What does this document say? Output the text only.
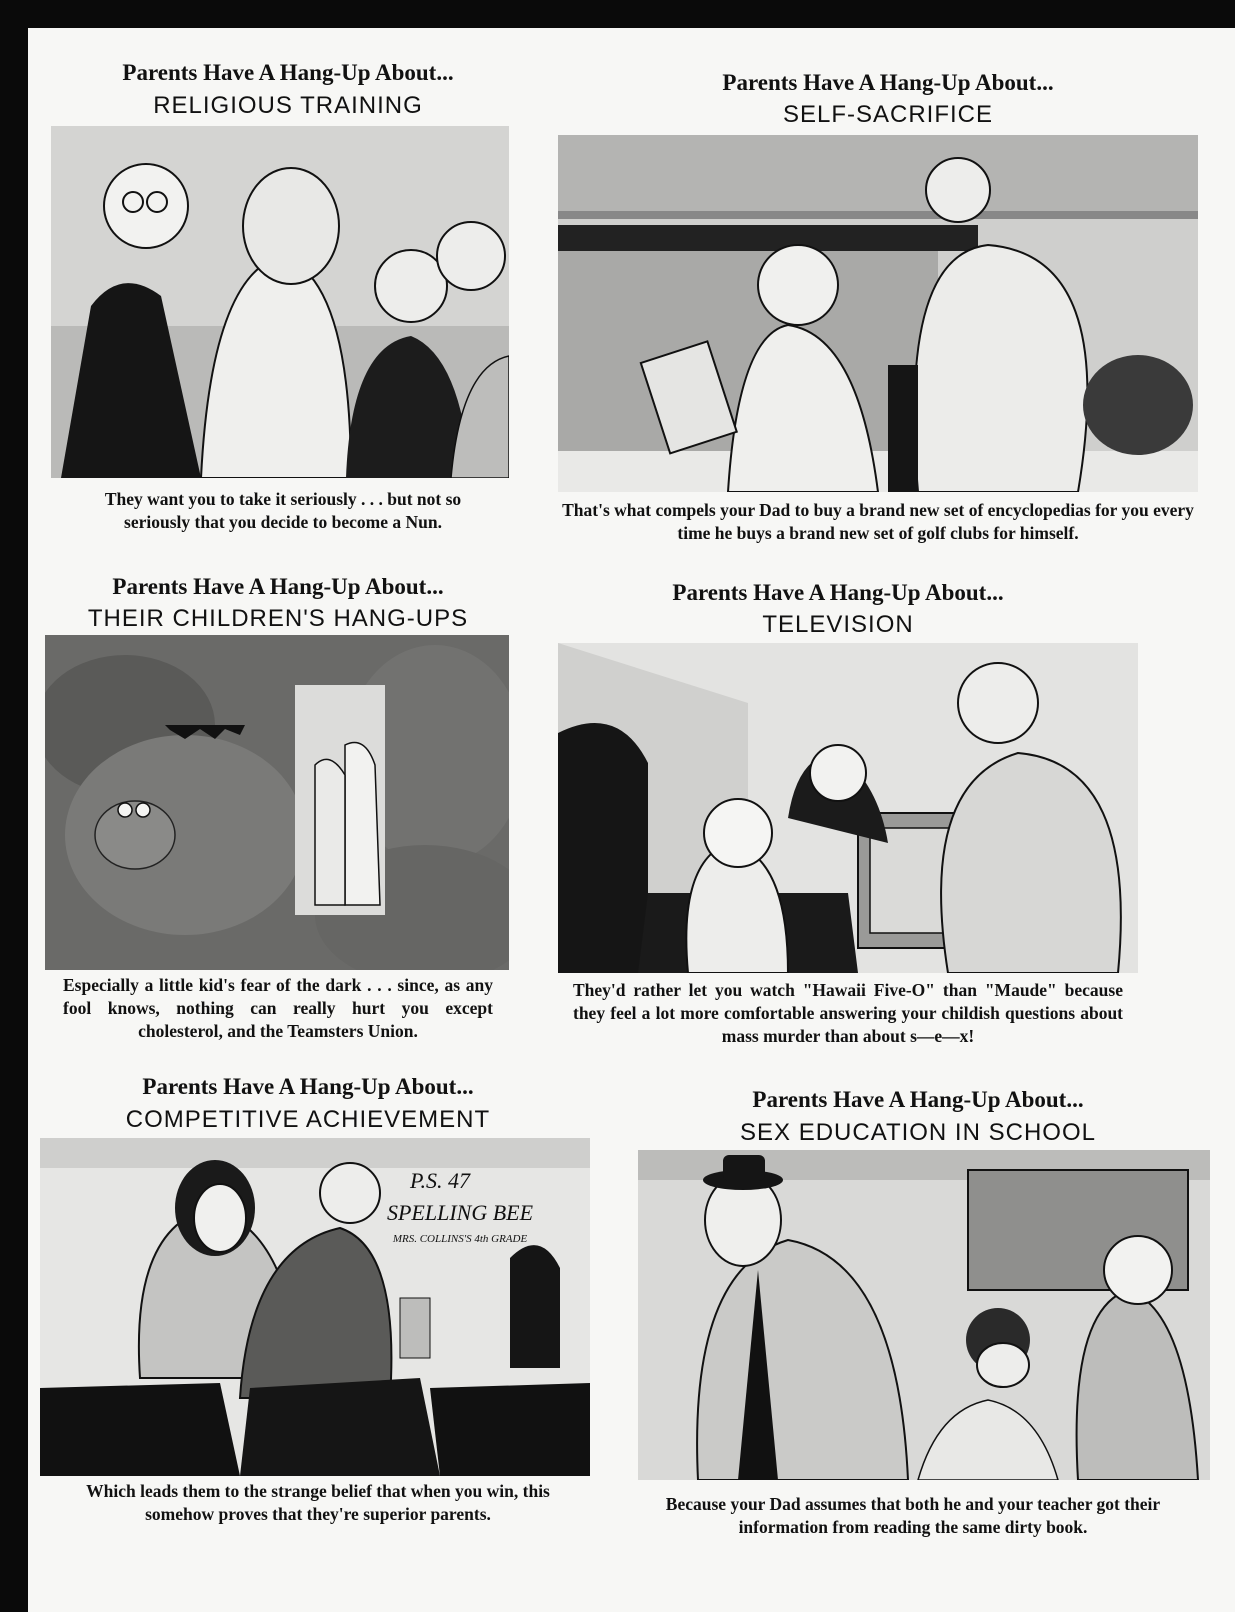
Parents Have A Hang-Up About...
RELIGIOUS TRAINING
They want you to take it seriously . . . but not so seriously that you decide to become a Nun.
Parents Have A Hang-Up About...
SELF-SACRIFICE
That's what compels your Dad to buy a brand new set of encyclopedias for you every time he buys a brand new set of golf clubs for himself.
Parents Have A Hang-Up About...
THEIR CHILDREN'S HANG-UPS
Especially a little kid's fear of the dark . . . since, as any fool knows, nothing can really hurt you except cholesterol, and the Teamsters Union.
Parents Have A Hang-Up About...
TELEVISION
They'd rather let you watch "Hawaii Five-O" than "Maude" because they feel a lot more comfortable answering your childish questions about mass murder than about s—e—x!
Parents Have A Hang-Up About...
COMPETITIVE ACHIEVEMENT
P.S. 47
SPELLING BEE
MRS. COLLINS'S 4th GRADE
Which leads them to the strange belief that when you win, this somehow proves that they're superior parents.
Parents Have A Hang-Up About...
SEX EDUCATION IN SCHOOL
Because your Dad assumes that both he and your teacher got their information from reading the same dirty book.
